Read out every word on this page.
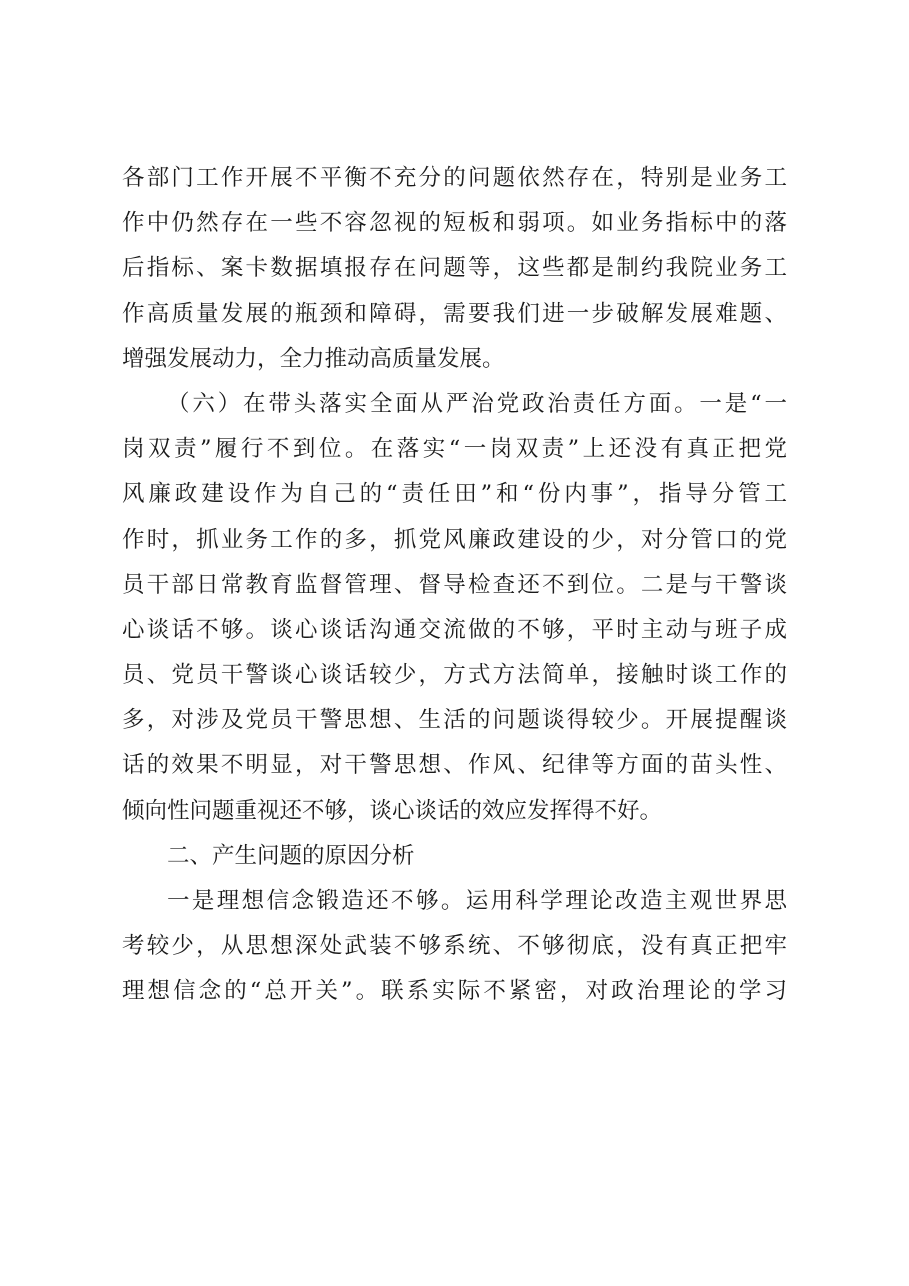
各部门工作开展不平衡不充分的问题依然存在，特别是业务工
作中仍然存在一些不容忽视的短板和弱项。如业务指标中的落
后指标、案卡数据填报存在问题等，这些都是制约我院业务工
作高质量发展的瓶颈和障碍，需要我们进一步破解发展难题、
增强发展动力，全力推动高质量发展。
（六）在带头落实全面从严治党政治责任方面。一是“一
岗双责”履行不到位。在落实“一岗双责”上还没有真正把党
风廉政建设作为自己的“责任田”和“份内事”，指导分管工
作时，抓业务工作的多，抓党风廉政建设的少，对分管口的党
员干部日常教育监督管理、督导检查还不到位。二是与干警谈
心谈话不够。谈心谈话沟通交流做的不够，平时主动与班子成
员、党员干警谈心谈话较少，方式方法简单，接触时谈工作的
多，对涉及党员干警思想、生活的问题谈得较少。开展提醒谈
话的效果不明显，对干警思想、作风、纪律等方面的苗头性、
倾向性问题重视还不够，谈心谈话的效应发挥得不好。
二、产生问题的原因分析
一是理想信念锻造还不够。运用科学理论改造主观世界思
考较少，从思想深处武装不够系统、不够彻底，没有真正把牢
理想信念的“总开关”。联系实际不紧密，对政治理论的学习
